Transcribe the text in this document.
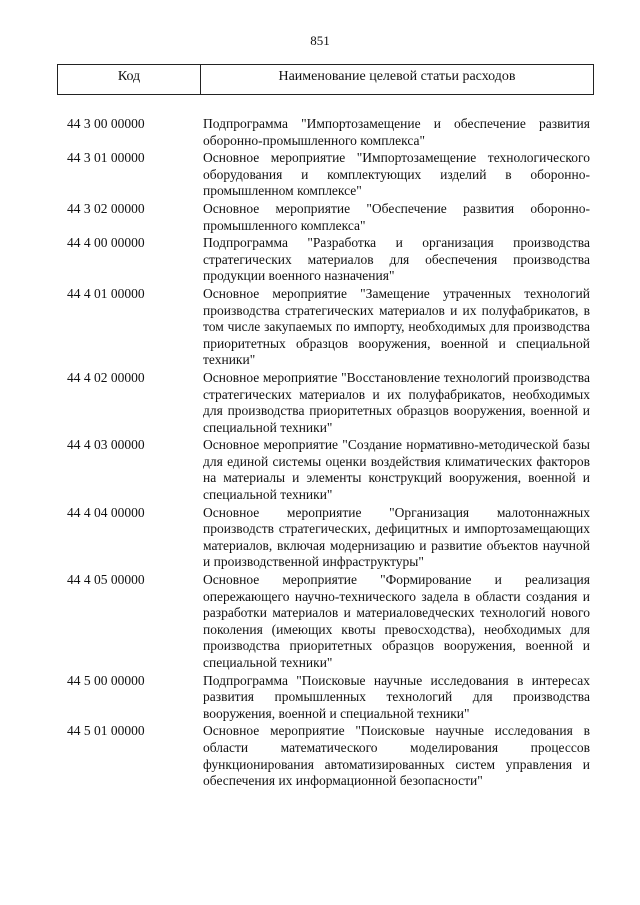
851
Код	Наименование целевой статьи расходов
44 3 00 00000	Подпрограмма "Импортозамещение и обеспечение развития оборонно-промышленного комплекса"
44 3 01 00000	Основное мероприятие "Импортозамещение технологического оборудования и комплектующих изделий в оборонно-промышленном комплексе"
44 3 02 00000	Основное мероприятие "Обеспечение развития оборонно-промышленного комплекса"
44 4 00 00000	Подпрограмма "Разработка и организация производства стратегических материалов для обеспечения производства продукции военного назначения"
44 4 01 00000	Основное мероприятие "Замещение утраченных технологий производства стратегических материалов и их полуфабрикатов, в том числе закупаемых по импорту, необходимых для производства приоритетных образцов вооружения, военной и специальной техники"
44 4 02 00000	Основное мероприятие "Восстановление технологий производства стратегических материалов и их полуфабрикатов, необходимых для производства приоритетных образцов вооружения, военной и специальной техники"
44 4 03 00000	Основное мероприятие "Создание нормативно-методической базы для единой системы оценки воздействия климатических факторов на материалы и элементы конструкций вооружения, военной и специальной техники"
44 4 04 00000	Основное мероприятие "Организация малотоннажных производств стратегических, дефицитных и импортозамещающих материалов, включая модернизацию и развитие объектов научной и производственной инфраструктуры"
44 4 05 00000	Основное мероприятие "Формирование и реализация опережающего научно-технического задела в области создания и разработки материалов и материаловедческих технологий нового поколения (имеющих квоты превосходства), необходимых для производства приоритетных образцов вооружения, военной и специальной техники"
44 5 00 00000	Подпрограмма "Поисковые научные исследования в интересах развития промышленных технологий для производства вооружения, военной и специальной техники"
44 5 01 00000	Основное мероприятие "Поисковые научные исследования в области математического моделирования процессов функционирования автоматизированных систем управления и обеспечения их информационной безопасности"
